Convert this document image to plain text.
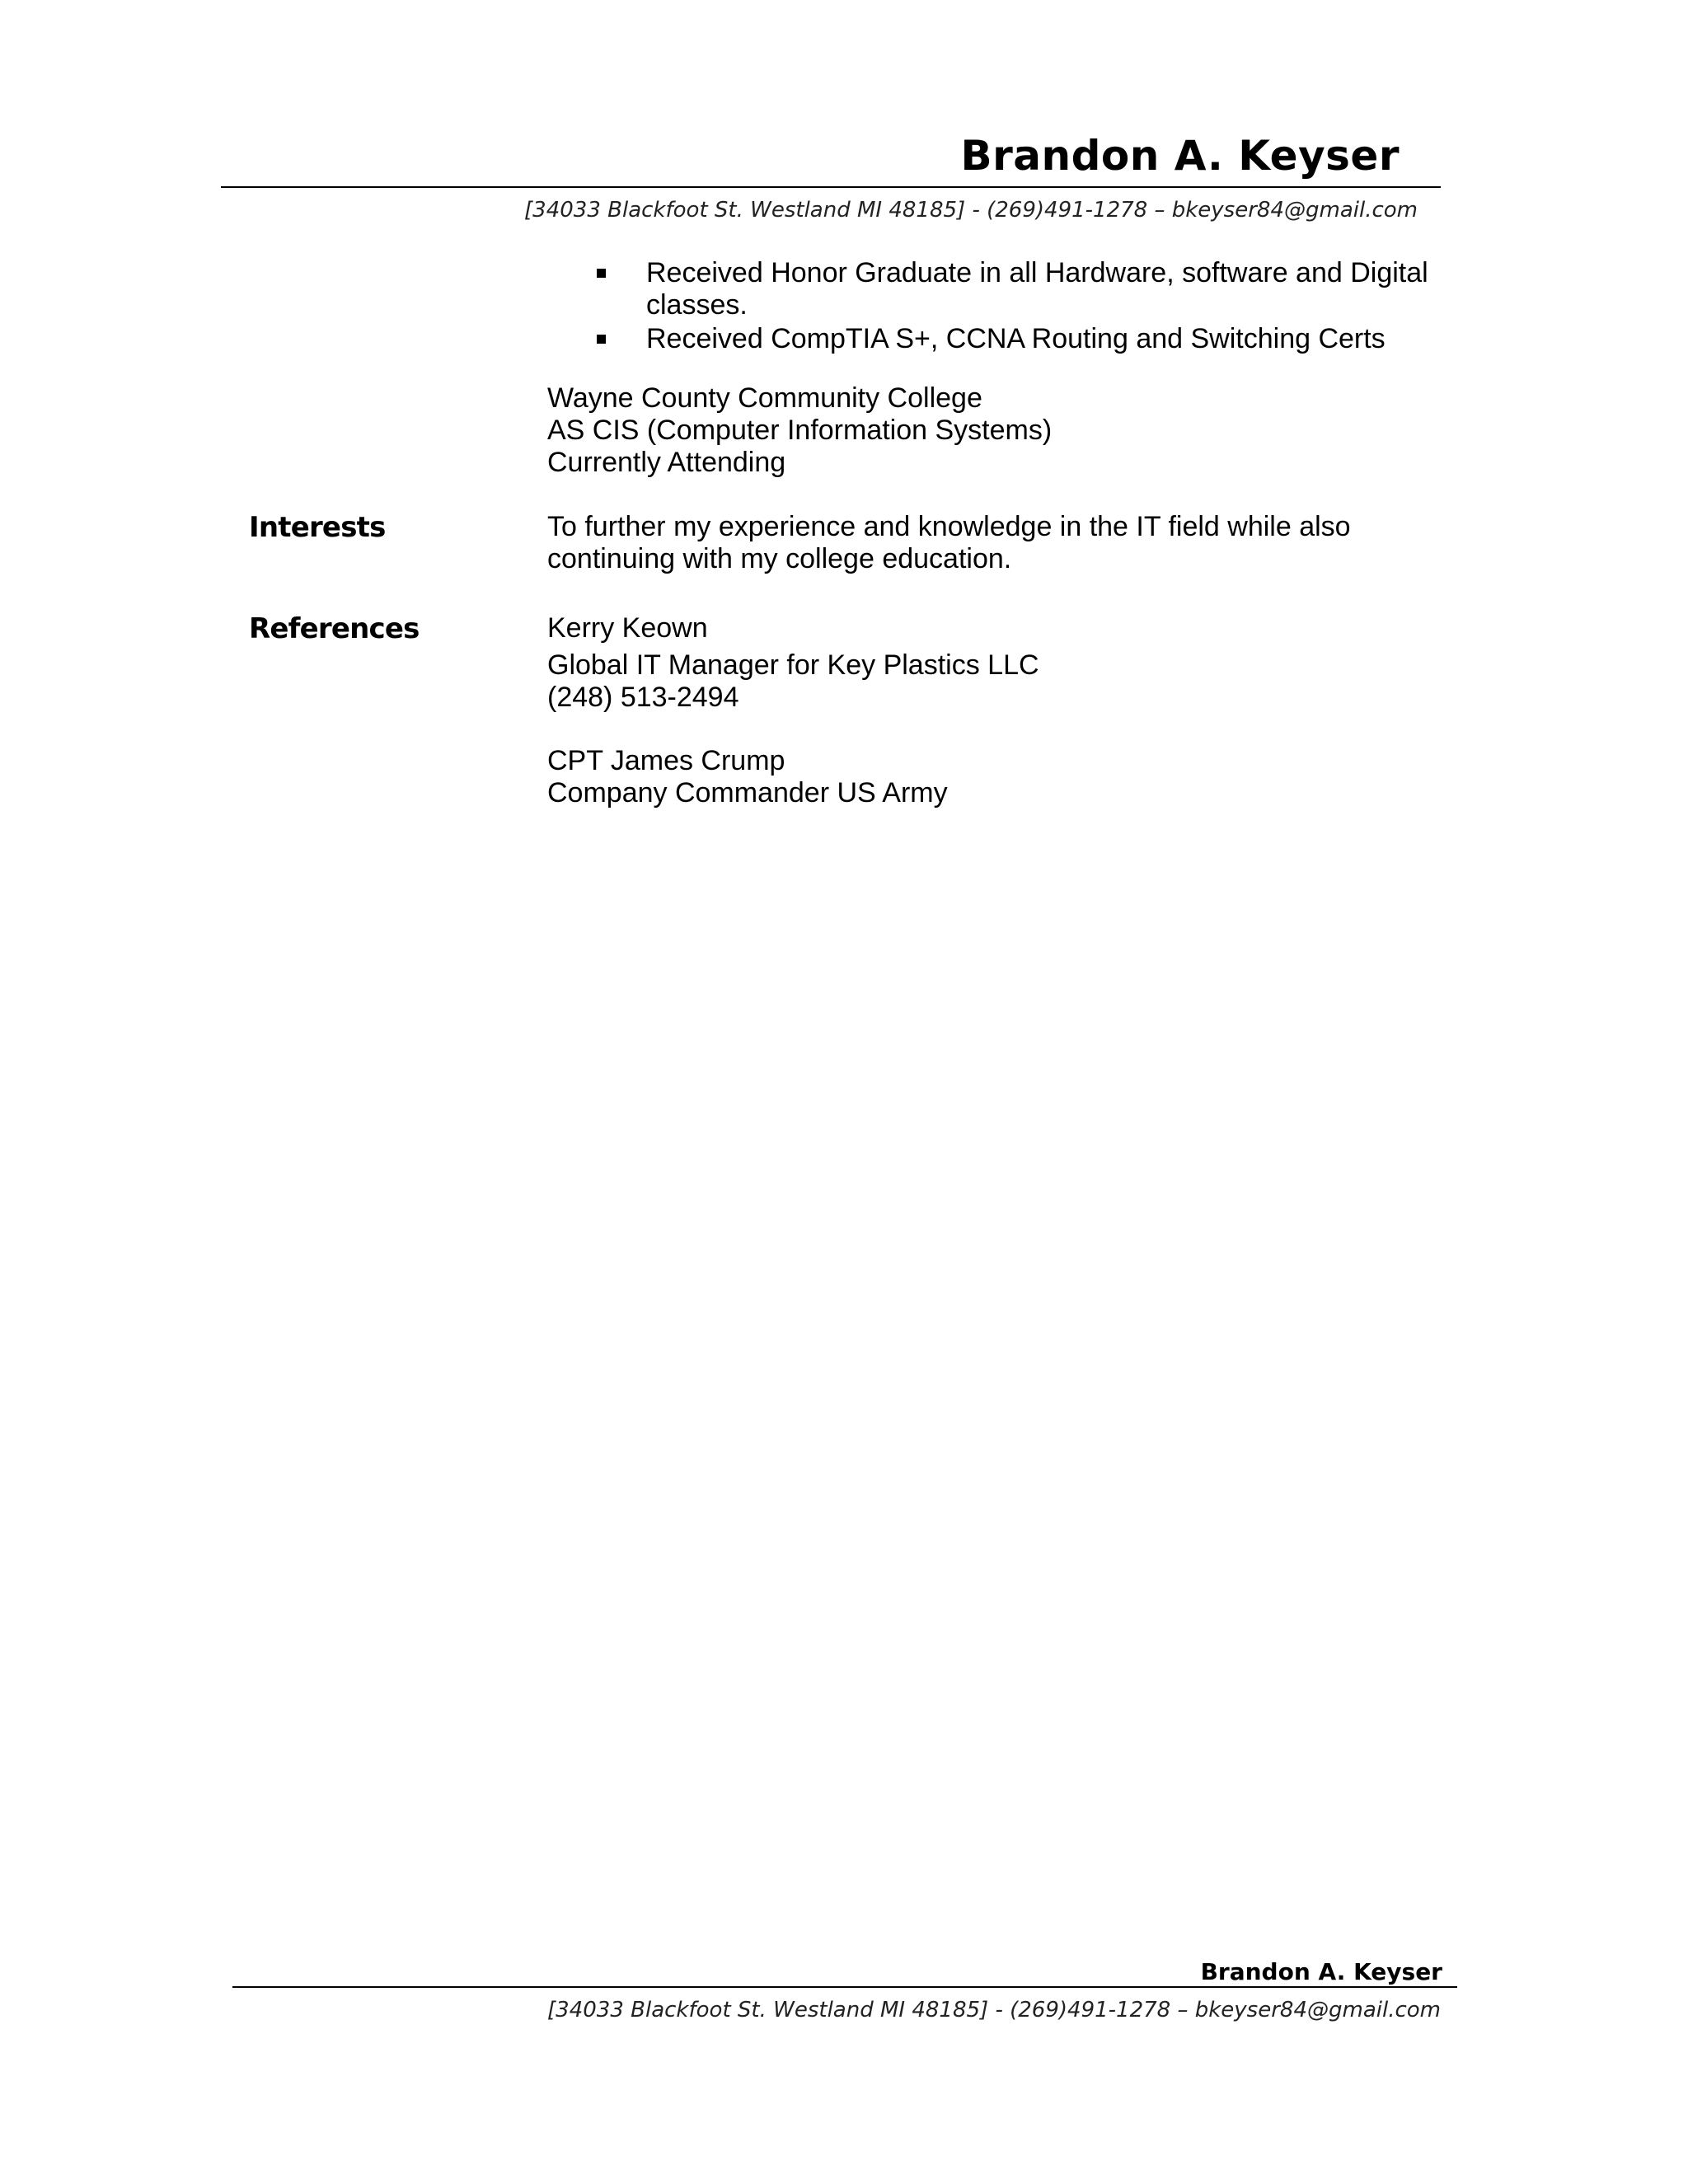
Brandon A. Keyser
[34033 Blackfoot St. Westland MI 48185] - (269)491-1278 – bkeyser84@gmail.com
Received Honor Graduate in all Hardware, software and Digital classes.
Received CompTIA S+, CCNA Routing and Switching Certs
Wayne County Community College
AS CIS (Computer Information Systems)
Currently Attending
Interests	To further my experience and knowledge in the IT field while also
continuing with my college education.
References	Kerry Keown
Global IT Manager for Key Plastics LLC
(248) 513-2494
CPT James Crump
Company Commander US Army
Brandon A. Keyser
[34033 Blackfoot St. Westland MI 48185] - (269)491-1278 – bkeyser84@gmail.com
